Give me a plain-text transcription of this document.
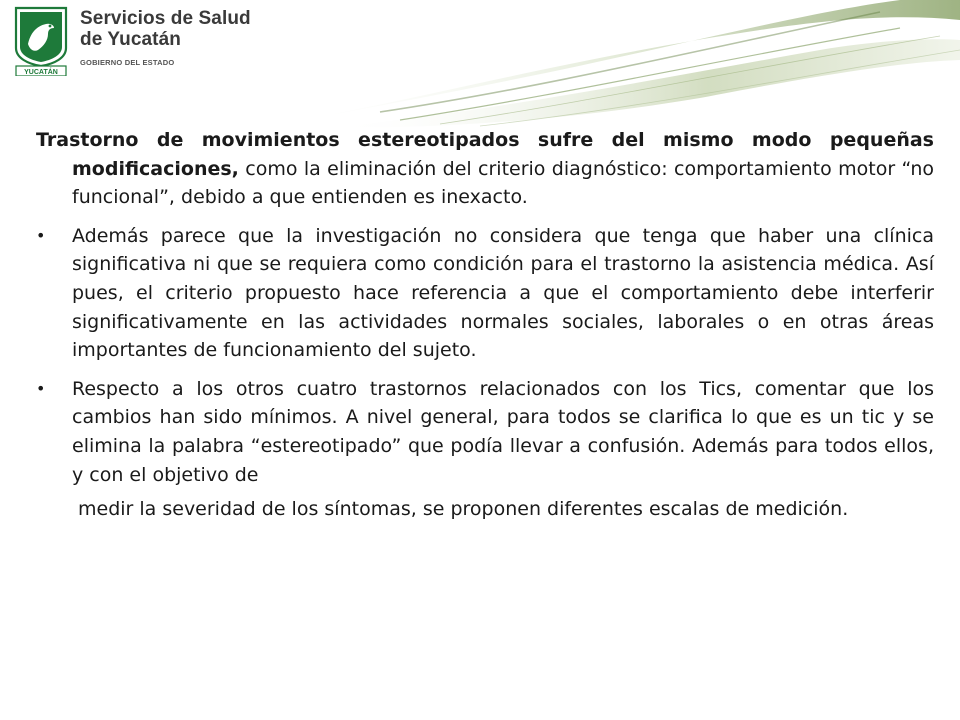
YUCATÁN
Servicios de Salud
de Yucatán
GOBIERNO DEL ESTADO

Trastorno de movimientos estereotipados sufre del mismo modo pequeñas modificaciones, como la eliminación del criterio diagnóstico: comportamiento motor “no funcional”, debido a que entienden es inexacto.

•	Además parece que la investigación no considera que tenga que haber una clínica significativa ni que se requiera como condición para el trastorno la asistencia médica. Así pues, el criterio propuesto hace referencia a que el comportamiento debe interferir significativamente en las actividades normales sociales, laborales o en otras áreas importantes de funcionamiento del sujeto.
•	Respecto a los otros cuatro trastornos relacionados con los Tics, comentar que los cambios han sido mínimos. A nivel general, para todos se clarifica lo que es un tic y se elimina la palabra “estereotipado” que podía llevar a confusión. Además para todos ellos, y con el objetivo de

medir la severidad de los síntomas, se proponen diferentes escalas de medición.
